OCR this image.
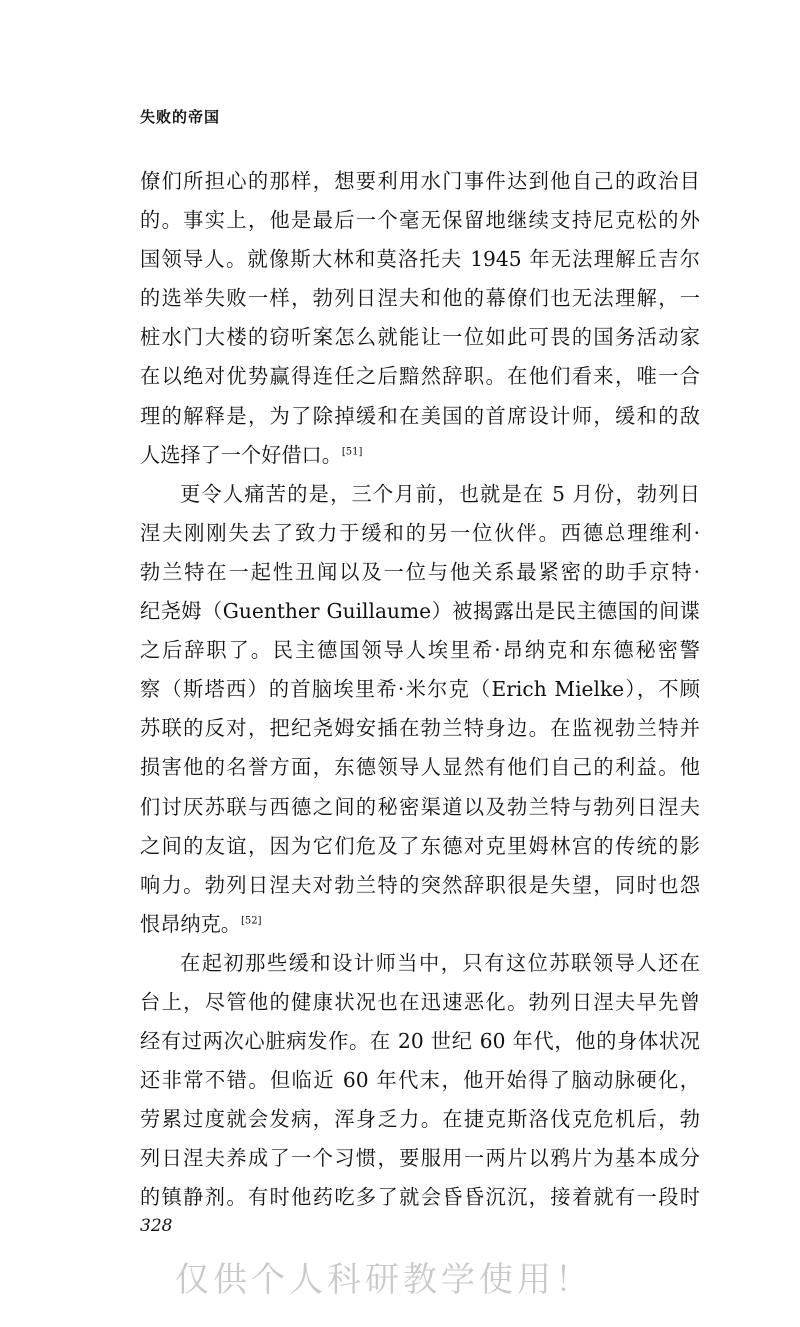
失败的帝国
僚们所担心的那样，想要利用水门事件达到他自己的政治目
的。事实上，他是最后一个毫无保留地继续支持尼克松的外
国领导人。就像斯大林和莫洛托夫 1945 年无法理解丘吉尔
的选举失败一样，勃列日涅夫和他的幕僚们也无法理解，一
桩水门大楼的窃听案怎么就能让一位如此可畏的国务活动家
在以绝对优势赢得连任之后黯然辞职。在他们看来，唯一合
理的解释是，为了除掉缓和在美国的首席设计师，缓和的敌
人选择了一个好借口。[51]
更令人痛苦的是，三个月前，也就是在 5 月份，勃列日
涅夫刚刚失去了致力于缓和的另一位伙伴。西德总理维利·
勃兰特在一起性丑闻以及一位与他关系最紧密的助手京特·
纪尧姆（Guenther Guillaume）被揭露出是民主德国的间谍
之后辞职了。民主德国领导人埃里希·昂纳克和东德秘密警
察（斯塔西）的首脑埃里希·米尔克（Erich Mielke），不顾
苏联的反对，把纪尧姆安插在勃兰特身边。在监视勃兰特并
损害他的名誉方面，东德领导人显然有他们自己的利益。他
们讨厌苏联与西德之间的秘密渠道以及勃兰特与勃列日涅夫
之间的友谊，因为它们危及了东德对克里姆林宫的传统的影
响力。勃列日涅夫对勃兰特的突然辞职很是失望，同时也怨
恨昂纳克。[52]
在起初那些缓和设计师当中，只有这位苏联领导人还在
台上，尽管他的健康状况也在迅速恶化。勃列日涅夫早先曾
经有过两次心脏病发作。在 20 世纪 60 年代，他的身体状况
还非常不错。但临近 60 年代末，他开始得了脑动脉硬化，
劳累过度就会发病，浑身乏力。在捷克斯洛伐克危机后，勃
列日涅夫养成了一个习惯，要服用一两片以鸦片为基本成分
的镇静剂。有时他药吃多了就会昏昏沉沉，接着就有一段时
328
仅供个人科研教学使用！
